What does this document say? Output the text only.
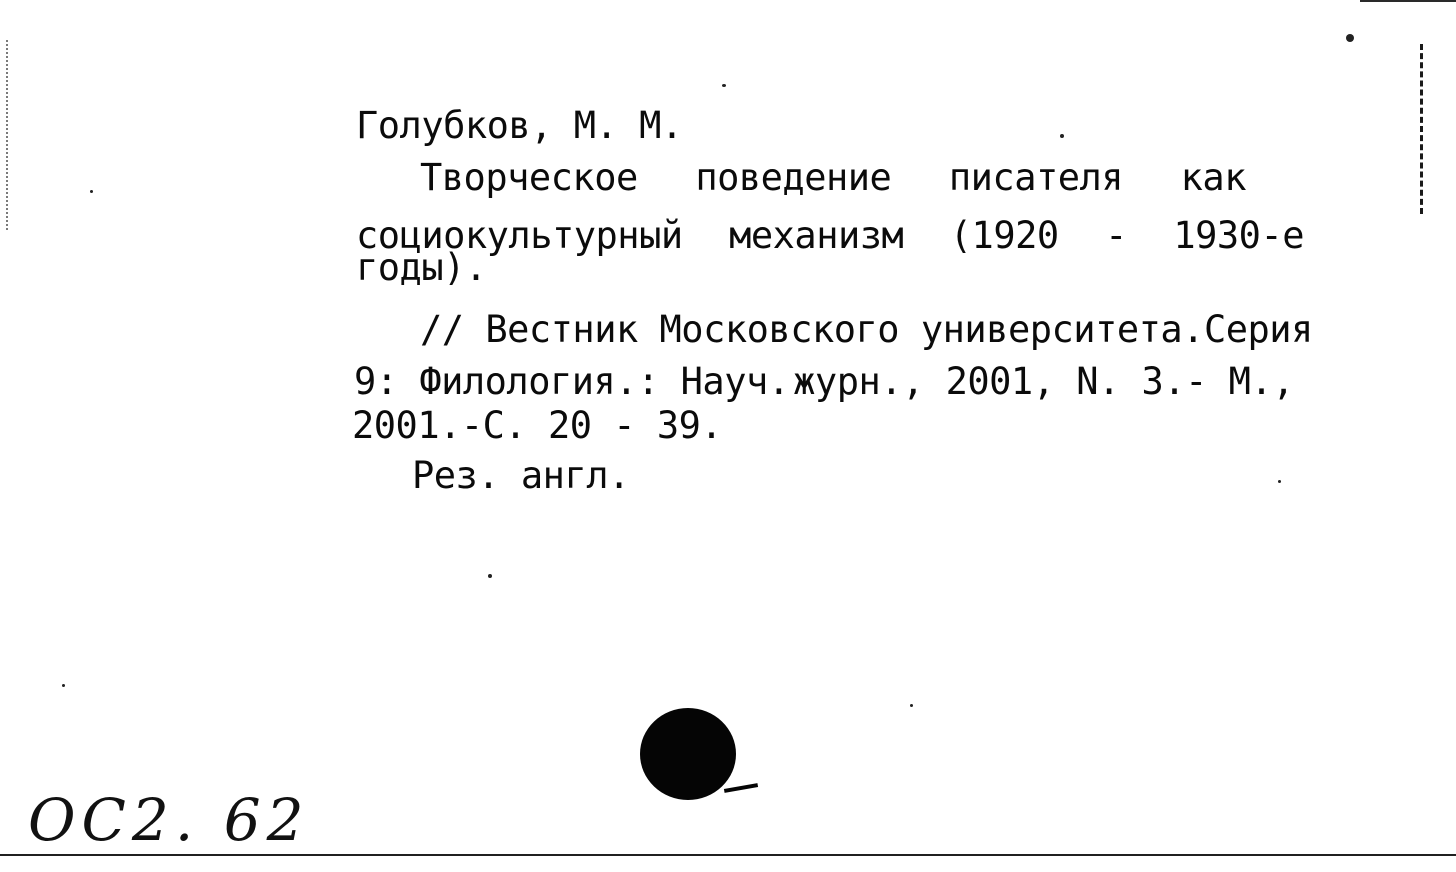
Голубков, М. М.
Творческое поведение писателя как
социокультурный механизм (1920 - 1930-е
годы).
// Вестник Московского университета. Серия
9: Филология.: Науч. журн., 2001, N. 3.- М.,
2001.-С. 20 - 39.
Рез. англ.
ОС2. 62
